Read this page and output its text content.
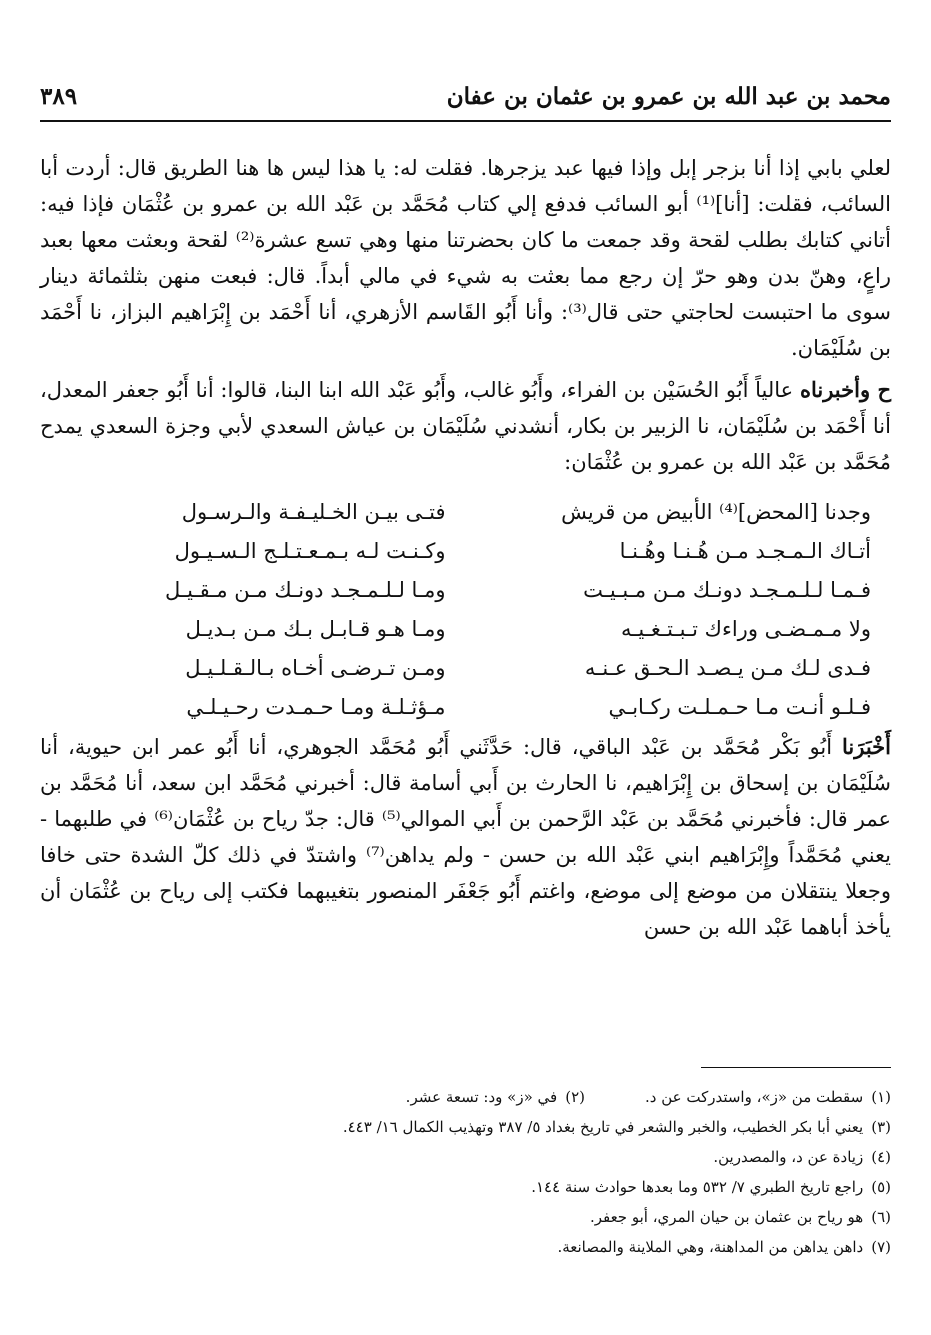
محمد بن عبد الله بن عمرو بن عثمان بن عفان
٣٨٩

لعلي بابي إذا أنا بزجر إبل وإذا فيها عبد يزجرها. فقلت له: يا هذا ليس ها هنا الطريق قال: أردت أبا السائب، فقلت: [أنا]⁽¹⁾ أبو السائب فدفع إلي كتاب مُحَمَّد بن عَبْد الله بن عمرو بن عُثْمَان فإذا فيه: أتاني كتابك بطلب لقحة وقد جمعت ما كان بحضرتنا منها وهي تسع عشرة⁽²⁾ لقحة وبعثت معها بعبد راعٍ، وهنّ بدن وهو حرّ إن رجع مما بعثت به شيء في مالي أبداً. قال: فبعت منهن بثلثمائة دينار سوى ما احتبست لحاجتي حتى قال⁽³⁾: وأنا أَبُو القَاسم الأزهري، أنا أَحْمَد بن إِبْرَاهيم البزاز، نا أَحْمَد بن سُلَيْمَان.

ح وأخبرناه عالياً أَبُو الحُسَيْن بن الفراء، وأَبُو غالب، وأَبُو عَبْد الله ابنا البنا، قالوا: أنا أَبُو جعفر المعدل، أنا أَحْمَد بن سُلَيْمَان، نا الزبير بن بكار، أنشدني سُلَيْمَان بن عياش السعدي لأبي وجزة السعدي يمدح مُحَمَّد بن عَبْد الله بن عمرو بن عُثْمَان:

وجدنا [المحض]⁽⁴⁾ الأبيض من قريش
فتـى بيـن الخـليـفـة والـرسـول
أتـاك الـمـجـد مـن هُـنـا وهُـنـا
وكـنـت لـه بـمـعـتـلـج الـسـيـول
فـمـا لـلـمـجـد دونـك مـن مـبـيـت
ومـا لـلـمـجـد دونـك مـن مـقـيـل
ولا مـمـضـى وراءك تـبـتـغـيـه
ومـا هـو قـابـل بـك مـن بـديـل
فـدى لـك مـن يـصـد الـحـق عـنـه
ومـن تـرضـى أخـاه بـالـقـلـيـل
فـلـو أنـت مـا حـمـلـت ركـابـي
مـؤثـلـة ومـا حـمـدت رحـيـلـي

أَخْبَرَنا أَبُو بَكْر مُحَمَّد بن عَبْد الباقي، قال: حَدَّثَني أَبُو مُحَمَّد الجوهري، أنا أَبُو عمر ابن حيوية، أنا سُلَيْمَان بن إسحاق بن إِبْرَاهيم، نا الحارث بن أَبي أسامة قال: أخبرني مُحَمَّد ابن سعد، أنا مُحَمَّد بن عمر قال: فأخبرني مُحَمَّد بن عَبْد الرَّحمن بن أَبي الموالي⁽⁵⁾ قال: جدّ رياح بن عُثْمَان⁽⁶⁾ في طلبهما - يعني مُحَمَّداً وإِبْرَاهيم ابني عَبْد الله بن حسن - ولم يداهن⁽⁷⁾ واشتدّ في ذلك كلّ الشدة حتى خافا وجعلا ينتقلان من موضع إلى موضع، واغتم أَبُو جَعْفَر المنصور بتغيبهما فكتب إلى رياح بن عُثْمَان أن يأخذ أباهما عَبْد الله بن حسن

(١)سقطت من «ز»، واستدركت عن د.
(٢)في «ز» ود: تسعة عشر.
(٣)يعني أبا بكر الخطيب، والخبر والشعر في تاريخ بغداد ٥/ ٣٨٧ وتهذيب الكمال ١٦/ ٤٤٣.
(٤)زيادة عن د، والمصدرين.
(٥)راجع تاريخ الطبري ٧/ ٥٣٢ وما بعدها حوادث سنة ١٤٤.
(٦)هو رياح بن عثمان بن حيان المري، أبو جعفر.
(٧)داهن يداهن من المداهنة، وهي الملاينة والمصانعة.
